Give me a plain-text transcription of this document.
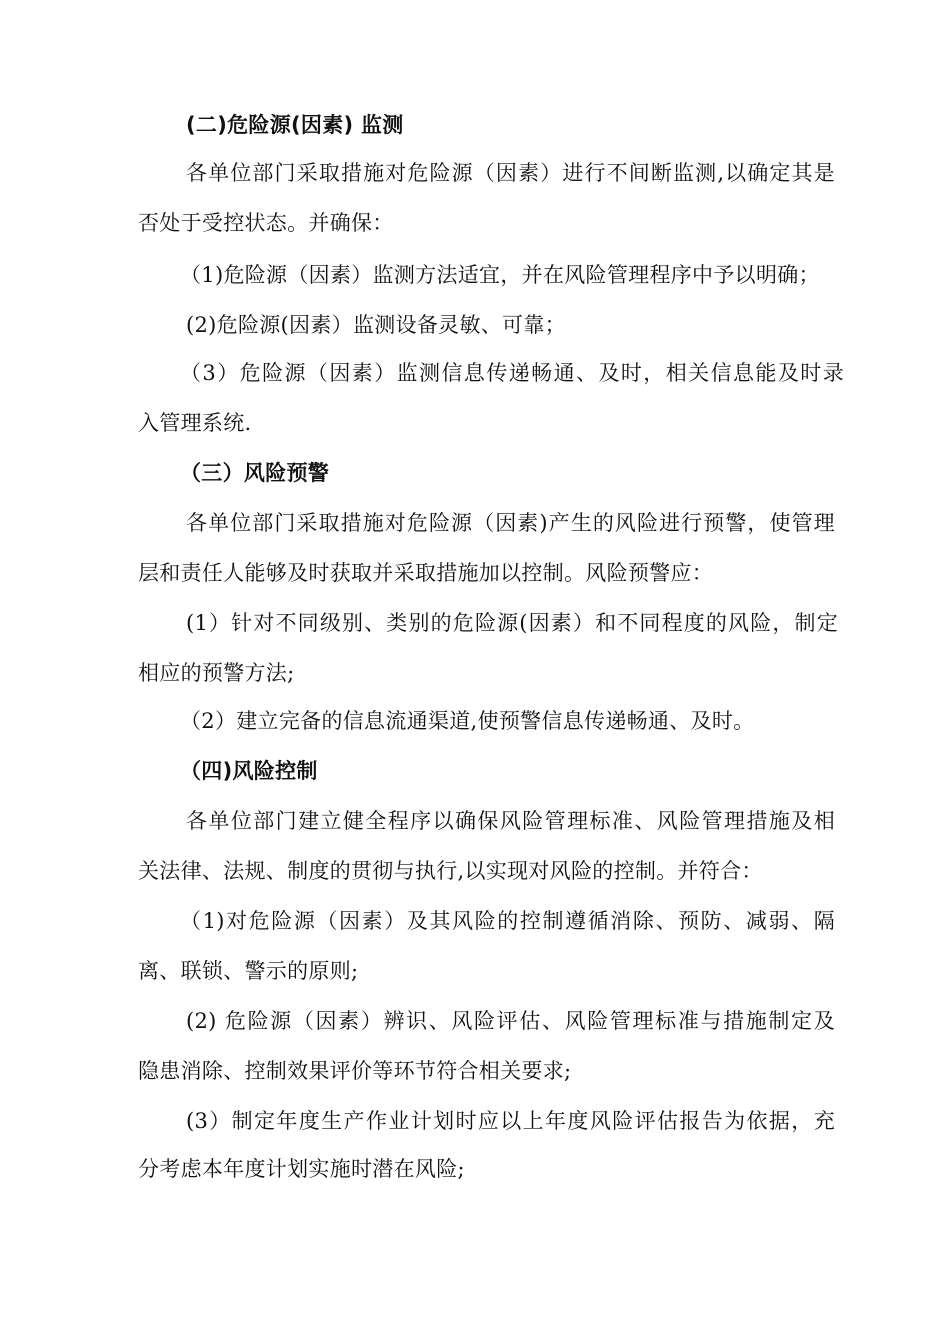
(二)危险源(因素) 监测
各单位部门采取措施对危险源（因素）进行不间断监测,以确定其是
否处于受控状态。并确保：
（1)危险源（因素）监测方法适宜，并在风险管理程序中予以明确；
(2)危险源(因素）监测设备灵敏、可靠；
（3）危险源（因素）监测信息传递畅通、及时，相关信息能及时录
入管理系统.
（三）风险预警
各单位部门采取措施对危险源（因素)产生的风险进行预警，使管理
层和责任人能够及时获取并采取措施加以控制。风险预警应：
(1）针对不同级别、类别的危险源(因素）和不同程度的风险，制定
相应的预警方法;
（2）建立完备的信息流通渠道,使预警信息传递畅通、及时。
（四)风险控制
各单位部门建立健全程序以确保风险管理标准、风险管理措施及相
关法律、法规、制度的贯彻与执行,以实现对风险的控制。并符合：
（1)对危险源（因素）及其风险的控制遵循消除、预防、减弱、隔
离、联锁、警示的原则;
(2) 危险源（因素）辨识、风险评估、风险管理标准与措施制定及
隐患消除、控制效果评价等环节符合相关要求;
(3）制定年度生产作业计划时应以上年度风险评估报告为依据，充
分考虑本年度计划实施时潜在风险;
